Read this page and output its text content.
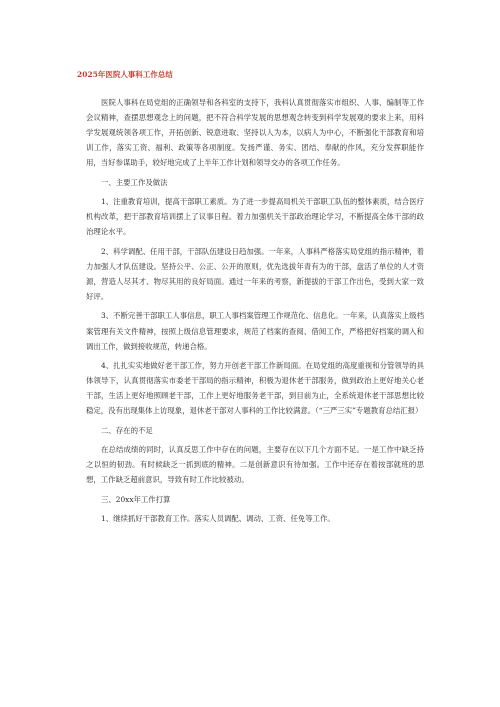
2025年医院人事科工作总结

医院人事科在局党组的正确领导和各科室的支持下，我科认真贯彻落实市组织、人事、编制等工作会议精神，查摆思想观念上的问题，把不符合科学发展的思想观念转变到科学发展观的要求上来，用科学发展观统领各项工作，开拓创新、锐意进取、坚持以人为本，以病人为中心，不断强化干部教育和培训工作，落实工资、福利、政策等各项制度。发扬严谨、务实、团结、奉献的作风，充分发挥职能作用，当好参谋助手，较好地完成了上半年工作计划和领导交办的各项工作任务。

一、主要工作及做法

1、注重教育培训，提高干部职工素质。为了进一步提高局机关干部职工队伍的整体素质，结合医疗机构改革，把干部教育培训摆上了议事日程。着力加强机关干部政治理论学习，不断提高全体干部的政治理论水平。

2、科学调配、任用干部，干部队伍建设日趋加强。一年来，人事科严格落实局党组的指示精神，着力加强人才队伍建设。坚持公平、公正、公开的原则，优先选拔年青有为的干部，盘活了单位的人才资源，营造人尽其才、物尽其用的良好局面。通过一年来的考察，新提拔的干部工作出色，受到大家一致好评。

3、不断完善干部职工人事信息，职工人事档案管理工作规范化、信息化。一年来，认真落实上级档案管理有关文件精神，按照上级信息管理要求，规范了档案的查阅、借阅工作，严格把好档案的调入和调出工作，做到接收规范，转递合格。

4、扎扎实实地做好老干部工作，努力开创老干部工作新局面。在局党组的高度重视和分管领导的具体领导下，认真贯彻落实市委老干部局的指示精神，积极为退休老干部服务，做到政治上更好地关心老干部，生活上更好地照顾老干部，工作上更好地服务老干部，到目前为止，全系统退休老干部思想比较稳定，没有出现集体上访现象，退休老干部对人事科的工作比较满意。（“三严三实”专题教育总结汇报）

二、存在的不足

在总结成绩的同时，认真反思工作中存在的问题，主要存在以下几个方面不足。一是工作中缺乏持之以恒的韧劲。有时候缺乏一抓到底的精神。二是创新意识有待加强。工作中还存在着按部就班的思想，工作缺乏超前意识，导致有时工作比较被动。

三、20xx年工作打算

1、继续抓好干部教育工作。落实人员调配、调动、工资、任免等工作。
